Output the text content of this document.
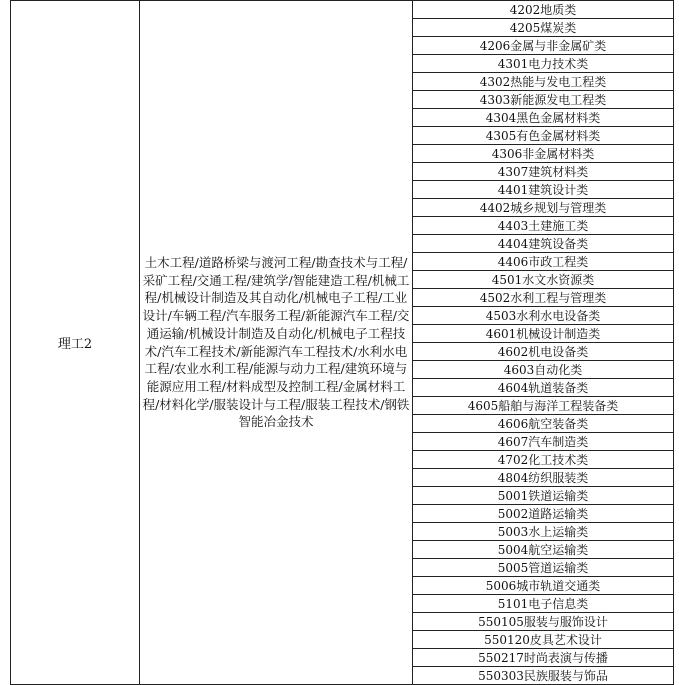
理工2	土木工程/道路桥梁与渡河工程/勘查技术与工程/采矿工程/交通工程/建筑学/智能建造工程/机械工程/机械设计制造及其自动化/机械电子工程/工业设计/车辆工程/汽车服务工程/新能源汽车工程/交通运输/机械设计制造及自动化/机械电子工程技术/汽车工程技术/新能源汽车工程技术/水利水电工程/农业水利工程/能源与动力工程/建筑环境与能源应用工程/材料成型及控制工程/金属材料工程/材料化学/服装设计与工程/服装工程技术/钢铁智能冶金技术	4202地质类
4205煤炭类
4206金属与非金属矿类
4301电力技术类
4302热能与发电工程类
4303新能源发电工程类
4304黑色金属材料类
4305有色金属材料类
4306非金属材料类
4307建筑材料类
4401建筑设计类
4402城乡规划与管理类
4403土建施工类
4404建筑设备类
4406市政工程类
4501水文水资源类
4502水利工程与管理类
4503水利水电设备类
4601机械设计制造类
4602机电设备类
4603自动化类
4604轨道装备类
4605船舶与海洋工程装备类
4606航空装备类
4607汽车制造类
4702化工技术类
4804纺织服装类
5001铁道运输类
5002道路运输类
5003水上运输类
5004航空运输类
5005管道运输类
5006城市轨道交通类
5101电子信息类
550105服装与服饰设计
550120皮具艺术设计
550217时尚表演与传播
550303民族服装与饰品
